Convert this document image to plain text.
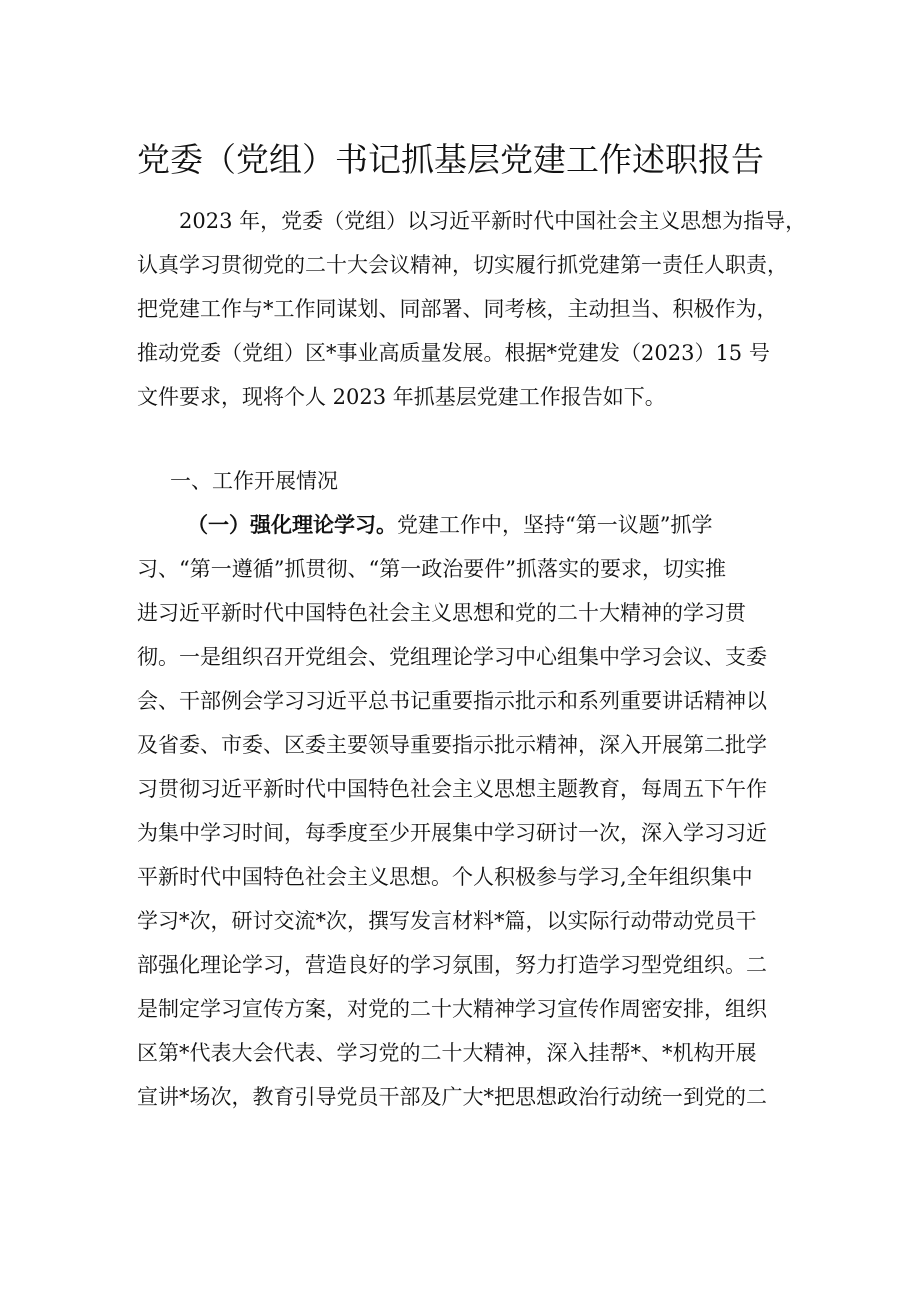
党委（党组）书记抓基层党建工作述职报告
2023 年，党委（党组）以习近平新时代中国社会主义思想为指导，
认真学习贯彻党的二十大会议精神，切实履行抓党建第一责任人职责，
把党建工作与*工作同谋划、同部署、同考核，主动担当、积极作为，
推动党委（党组）区*事业高质量发展。根据*党建发（2023）15 号
文件要求，现将个人 2023 年抓基层党建工作报告如下。
一、工作开展情况
（一）强化理论学习。党建工作中，坚持“第一议题”抓学
习、“第一遵循”抓贯彻、“第一政治要件”抓落实的要求，切实推
进习近平新时代中国特色社会主义思想和党的二十大精神的学习贯
彻。一是组织召开党组会、党组理论学习中心组集中学习会议、支委
会、干部例会学习习近平总书记重要指示批示和系列重要讲话精神以
及省委、市委、区委主要领导重要指示批示精神，深入开展第二批学
习贯彻习近平新时代中国特色社会主义思想主题教育，每周五下午作
为集中学习时间，每季度至少开展集中学习研讨一次，深入学习习近
平新时代中国特色社会主义思想。个人积极参与学习,全年组织集中
学习*次，研讨交流*次，撰写发言材料*篇，以实际行动带动党员干
部强化理论学习，营造良好的学习氛围，努力打造学习型党组织。二
是制定学习宣传方案，对党的二十大精神学习宣传作周密安排，组织
区第*代表大会代表、学习党的二十大精神，深入挂帮*、*机构开展
宣讲*场次，教育引导党员干部及广大*把思想政治行动统一到党的二
